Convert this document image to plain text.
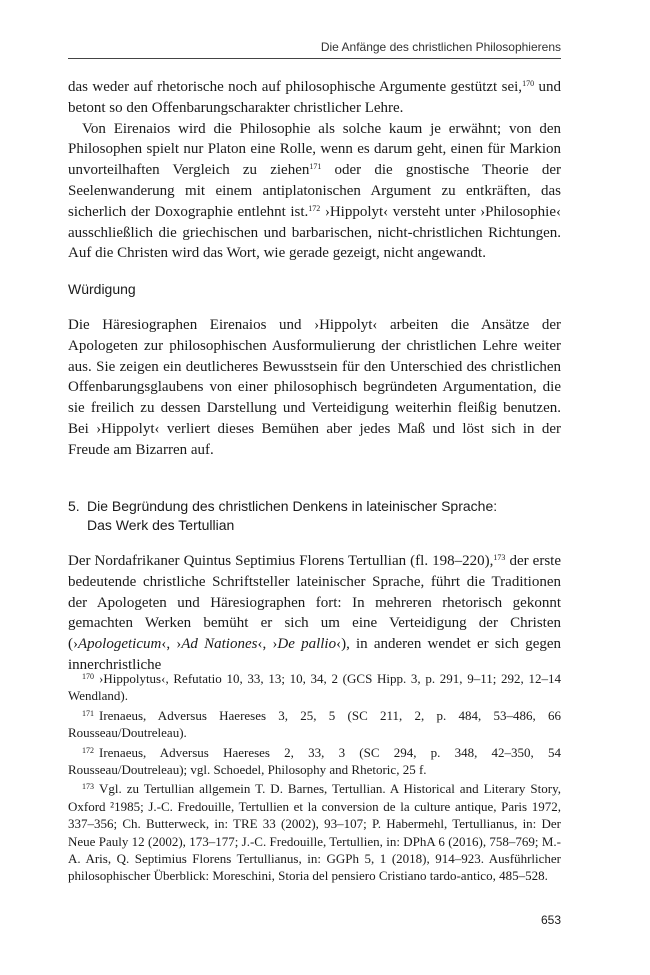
Die Anfänge des christlichen Philosophierens

das weder auf rhetorische noch auf philosophische Argumente gestützt sei,$^{170}$ und betont so den Offenbarungscharakter christlicher Lehre.

Von Eirenaios wird die Philosophie als solche kaum je erwähnt; von den Philosophen spielt nur Platon eine Rolle, wenn es darum geht, einen für Markion unvorteilhaften Vergleich zu ziehen$^{171}$ oder die gnostische Theorie der Seelenwanderung mit einem antiplatonischen Argument zu entkräften, das sicherlich der Doxographie entlehnt ist.$^{172}$ ›Hippolyt‹ versteht unter ›Philosophie‹ ausschließlich die griechischen und barbarischen, nicht-christlichen Richtungen. Auf die Christen wird das Wort, wie gerade gezeigt, nicht angewandt.

Würdigung

Die Häresiographen Eirenaios und ›Hippolyt‹ arbeiten die Ansätze der Apologeten zur philosophischen Ausformulierung der christlichen Lehre weiter aus. Sie zeigen ein deutlicheres Bewusstsein für den Unterschied des christlichen Offenbarungsglaubens von einer philosophisch begründeten Argumentation, die sie freilich zu dessen Darstellung und Verteidigung weiterhin fleißig benutzen. Bei ›Hippolyt‹ verliert dieses Bemühen aber jedes Maß und löst sich in der Freude am Bizarren auf.

5. Die Begründung des christlichen Denkens in lateinischer Sprache:
Das Werk des Tertullian

Der Nordafrikaner Quintus Septimius Florens Tertullian (fl. 198–220),$^{173}$ der erste bedeutende christliche Schriftsteller lateinischer Sprache, führt die Traditionen der Apologeten und Häresiographen fort: In mehreren rhetorisch gekonnt gemachten Werken bemüht er sich um eine Verteidigung der Christen (›Apologeticum‹, ›Ad Nationes‹, ›De pallio‹), in anderen wendet er sich gegen innerchristliche

$^{170}$ ›Hippolytus‹, Refutatio 10, 33, 13; 10, 34, 2 (GCS Hipp. 3, p. 291, 9–11; 292, 12–14 Wendland).

$^{171}$ Irenaeus, Adversus Haereses 3, 25, 5 (SC 211, 2, p. 484, 53–486, 66 Rousseau/Doutreleau).

$^{172}$ Irenaeus, Adversus Haereses 2, 33, 3 (SC 294, p. 348, 42–350, 54 Rousseau/Doutreleau); vgl. Schoedel, Philosophy and Rhetoric, 25 f.

$^{173}$ Vgl. zu Tertullian allgemein T. D. Barnes, Tertullian. A Historical and Literary Story, Oxford ²1985; J.-C. Fredouille, Tertullien et la conversion de la culture antique, Paris 1972, 337–356; Ch. Butterweck, in: TRE 33 (2002), 93–107; P. Habermehl, Tertullianus, in: Der Neue Pauly 12 (2002), 173–177; J.-C. Fredouille, Tertullien, in: DPhA 6 (2016), 758–769; M.-A. Aris, Q. Septimius Florens Tertullianus, in: GGPh 5, 1 (2018), 914–923. Ausführlicher philosophischer Überblick: Moreschini, Storia del pensiero Cristiano tardo-antico, 485–528.

653
